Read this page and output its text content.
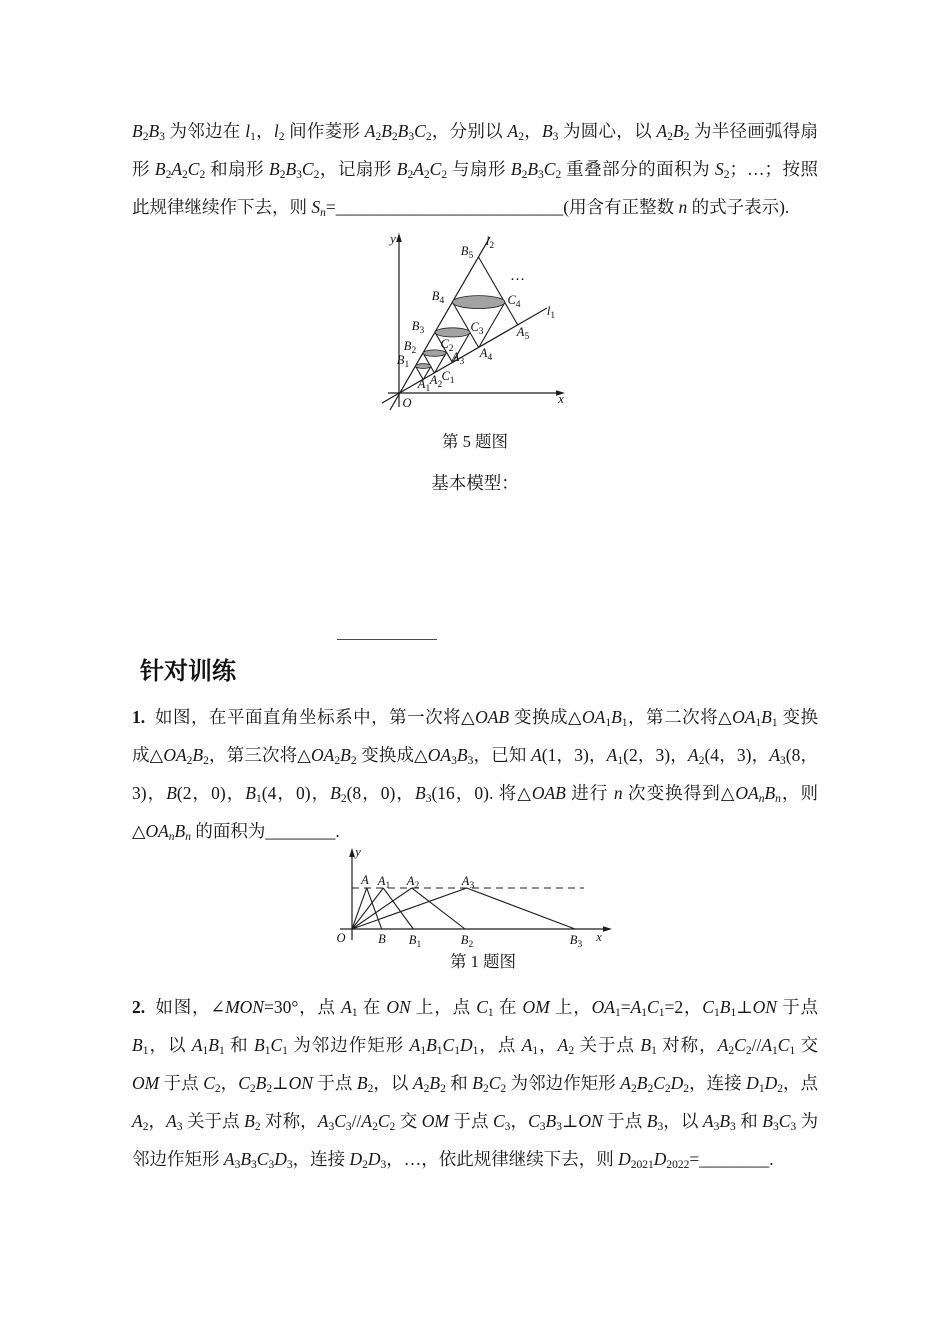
$B_2B_3$ 为邻边在 $l_1$，$l_2$ 间作菱形 $A_2B_2B_3C_2$，分别以 $A_2$，$B_3$ 为圆心，以 $A_2B_2$ 为半径画弧得扇形 $B_2A_2C_2$ 和扇形 $B_2B_3C_2$，记扇形 $B_2A_2C_2$ 与扇形 $B_2B_3C_2$ 重叠部分的面积为 $S_2$；…；按照此规律继续作下去，则 $S_n=\_\_\_\_\_\_\_\_\_\_\_\_\_\_\_\_\_\_\_\_\_\_\_\_\_\_$(用含有正整数 n 的式子表示).
y
x
O
$l_2$
$l_1$
$B_5$
$B_4$
$B_3$
$B_2$
$B_1$
$C_4$
$C_3$
$C_2$
$C_1$
$A_5$
$A_4$
$A_3$
$A_2$
$A_1$
…
第 5 题图
基本模型：
针对训练
1. 如图，在平面直角坐标系中，第一次将△OAB 变换成$\triangle OA_1B_1$，第二次将$\triangle OA_1B_1$ 变换成$\triangle OA_2B_2$，第三次将$\triangle OA_2B_2$ 变换成$\triangle OA_3B_3$，已知 A(1，3)，$A_1(2$，3)，$A_2(4$，3)，$A_3(8$，3)，B(2，0)，$B_1(4$，0)，$B_2(8$，0)，$B_3(16$，0). 将△OAB 进行 n 次变换得到$\triangle OA_nB_n$，则$\triangle OA_nB_n$ 的面积为________.
y
x
O
A $A_1$ $A_2$	$A_3$
B $B_1$	$B_2$	$B_3$
第 1 题图
2. 如图，∠MON=30°，点 $A_1$ 在 ON 上，点 $C_1$ 在 OM 上，$OA_1=A_1C_1=2$，$C_1B_1\perp ON$ 于点 $B_1$，以 $A_1B_1$ 和 $B_1C_1$ 为邻边作矩形 $A_1B_1C_1D_1$，点 $A_1$，$A_2$ 关于点 $B_1$ 对称，$A_2C_2//A_1C_1$ 交 OM 于点 $C_2$，$C_2B_2\perp ON$ 于点 $B_2$，以 $A_2B_2$ 和 $B_2C_2$ 为邻边作矩形 $A_2B_2C_2D_2$，连接 $D_1D_2$，点 $A_2$，$A_3$ 关于点 $B_2$ 对称，$A_3C_3//A_2C_2$ 交 OM 于点 $C_3$，$C_3B_3\perp ON$ 于点 $B_3$，以 $A_3B_3$ 和 $B_3C_3$ 为邻边作矩形 $A_3B_3C_3D_3$，连接 $D_2D_3$，…，依此规律继续下去，则 $D_{2021}D_{2022}=\_\_\_\_\_\_\_\_$.
